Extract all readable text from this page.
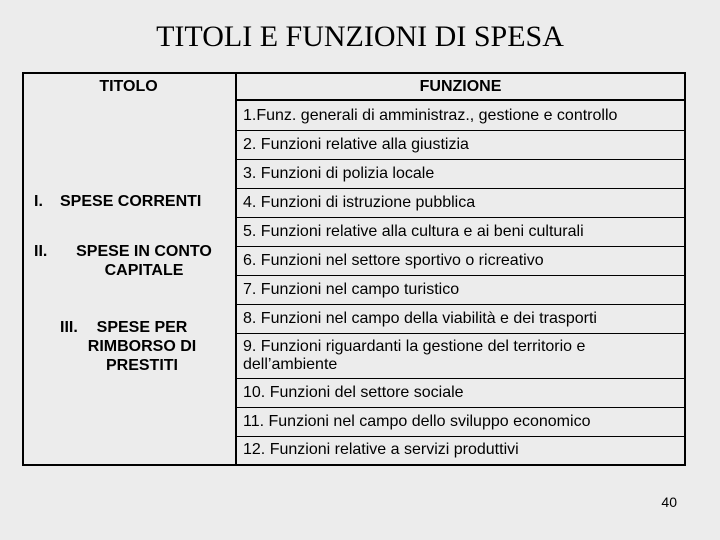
TITOLI E FUNZIONI DI SPESA
TITOLO	FUNZIONE
I. SPESE CORRENTI
II. SPESE IN CONTO
CAPITALE
III. SPESE PER
RIMBORSO DI
PRESTITI
1.Funz. generali di amministraz., gestione e controllo
2. Funzioni relative alla giustizia
3. Funzioni di polizia locale
4. Funzioni di istruzione pubblica
5. Funzioni relative alla cultura e ai beni culturali
6. Funzioni nel settore sportivo o ricreativo
7. Funzioni nel campo turistico
8. Funzioni nel campo della viabilità e dei trasporti
9. Funzioni riguardanti la gestione del territorio e dell’ambiente
10. Funzioni del settore sociale
11. Funzioni nel campo dello sviluppo economico
12. Funzioni relative a servizi produttivi
40
